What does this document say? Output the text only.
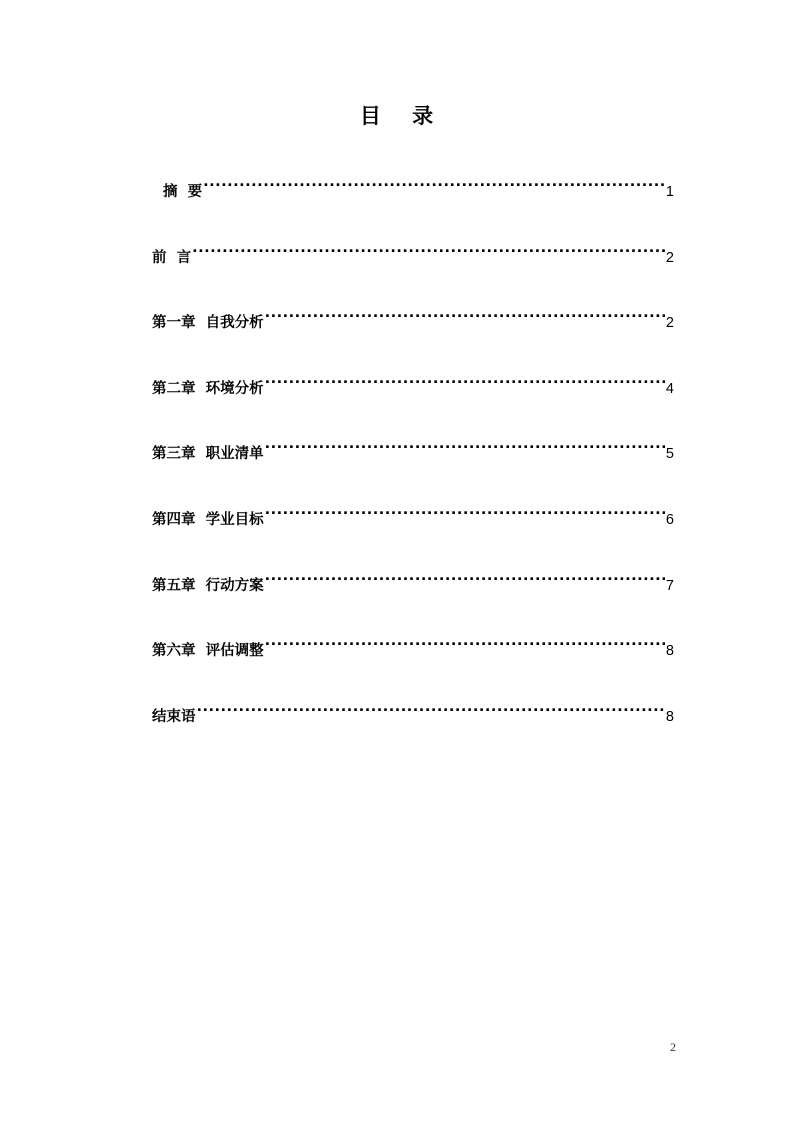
目 录
摘  要 .....	1
前  言 .....	2
第一章  自我分析 .....	2
第二章  环境分析 .....	4
第三章  职业清单 .....	5
第四章  学业目标 .....	6
第五章  行动方案 .....	7
第六章  评估调整 .....	8
结束语 .....	8
2
